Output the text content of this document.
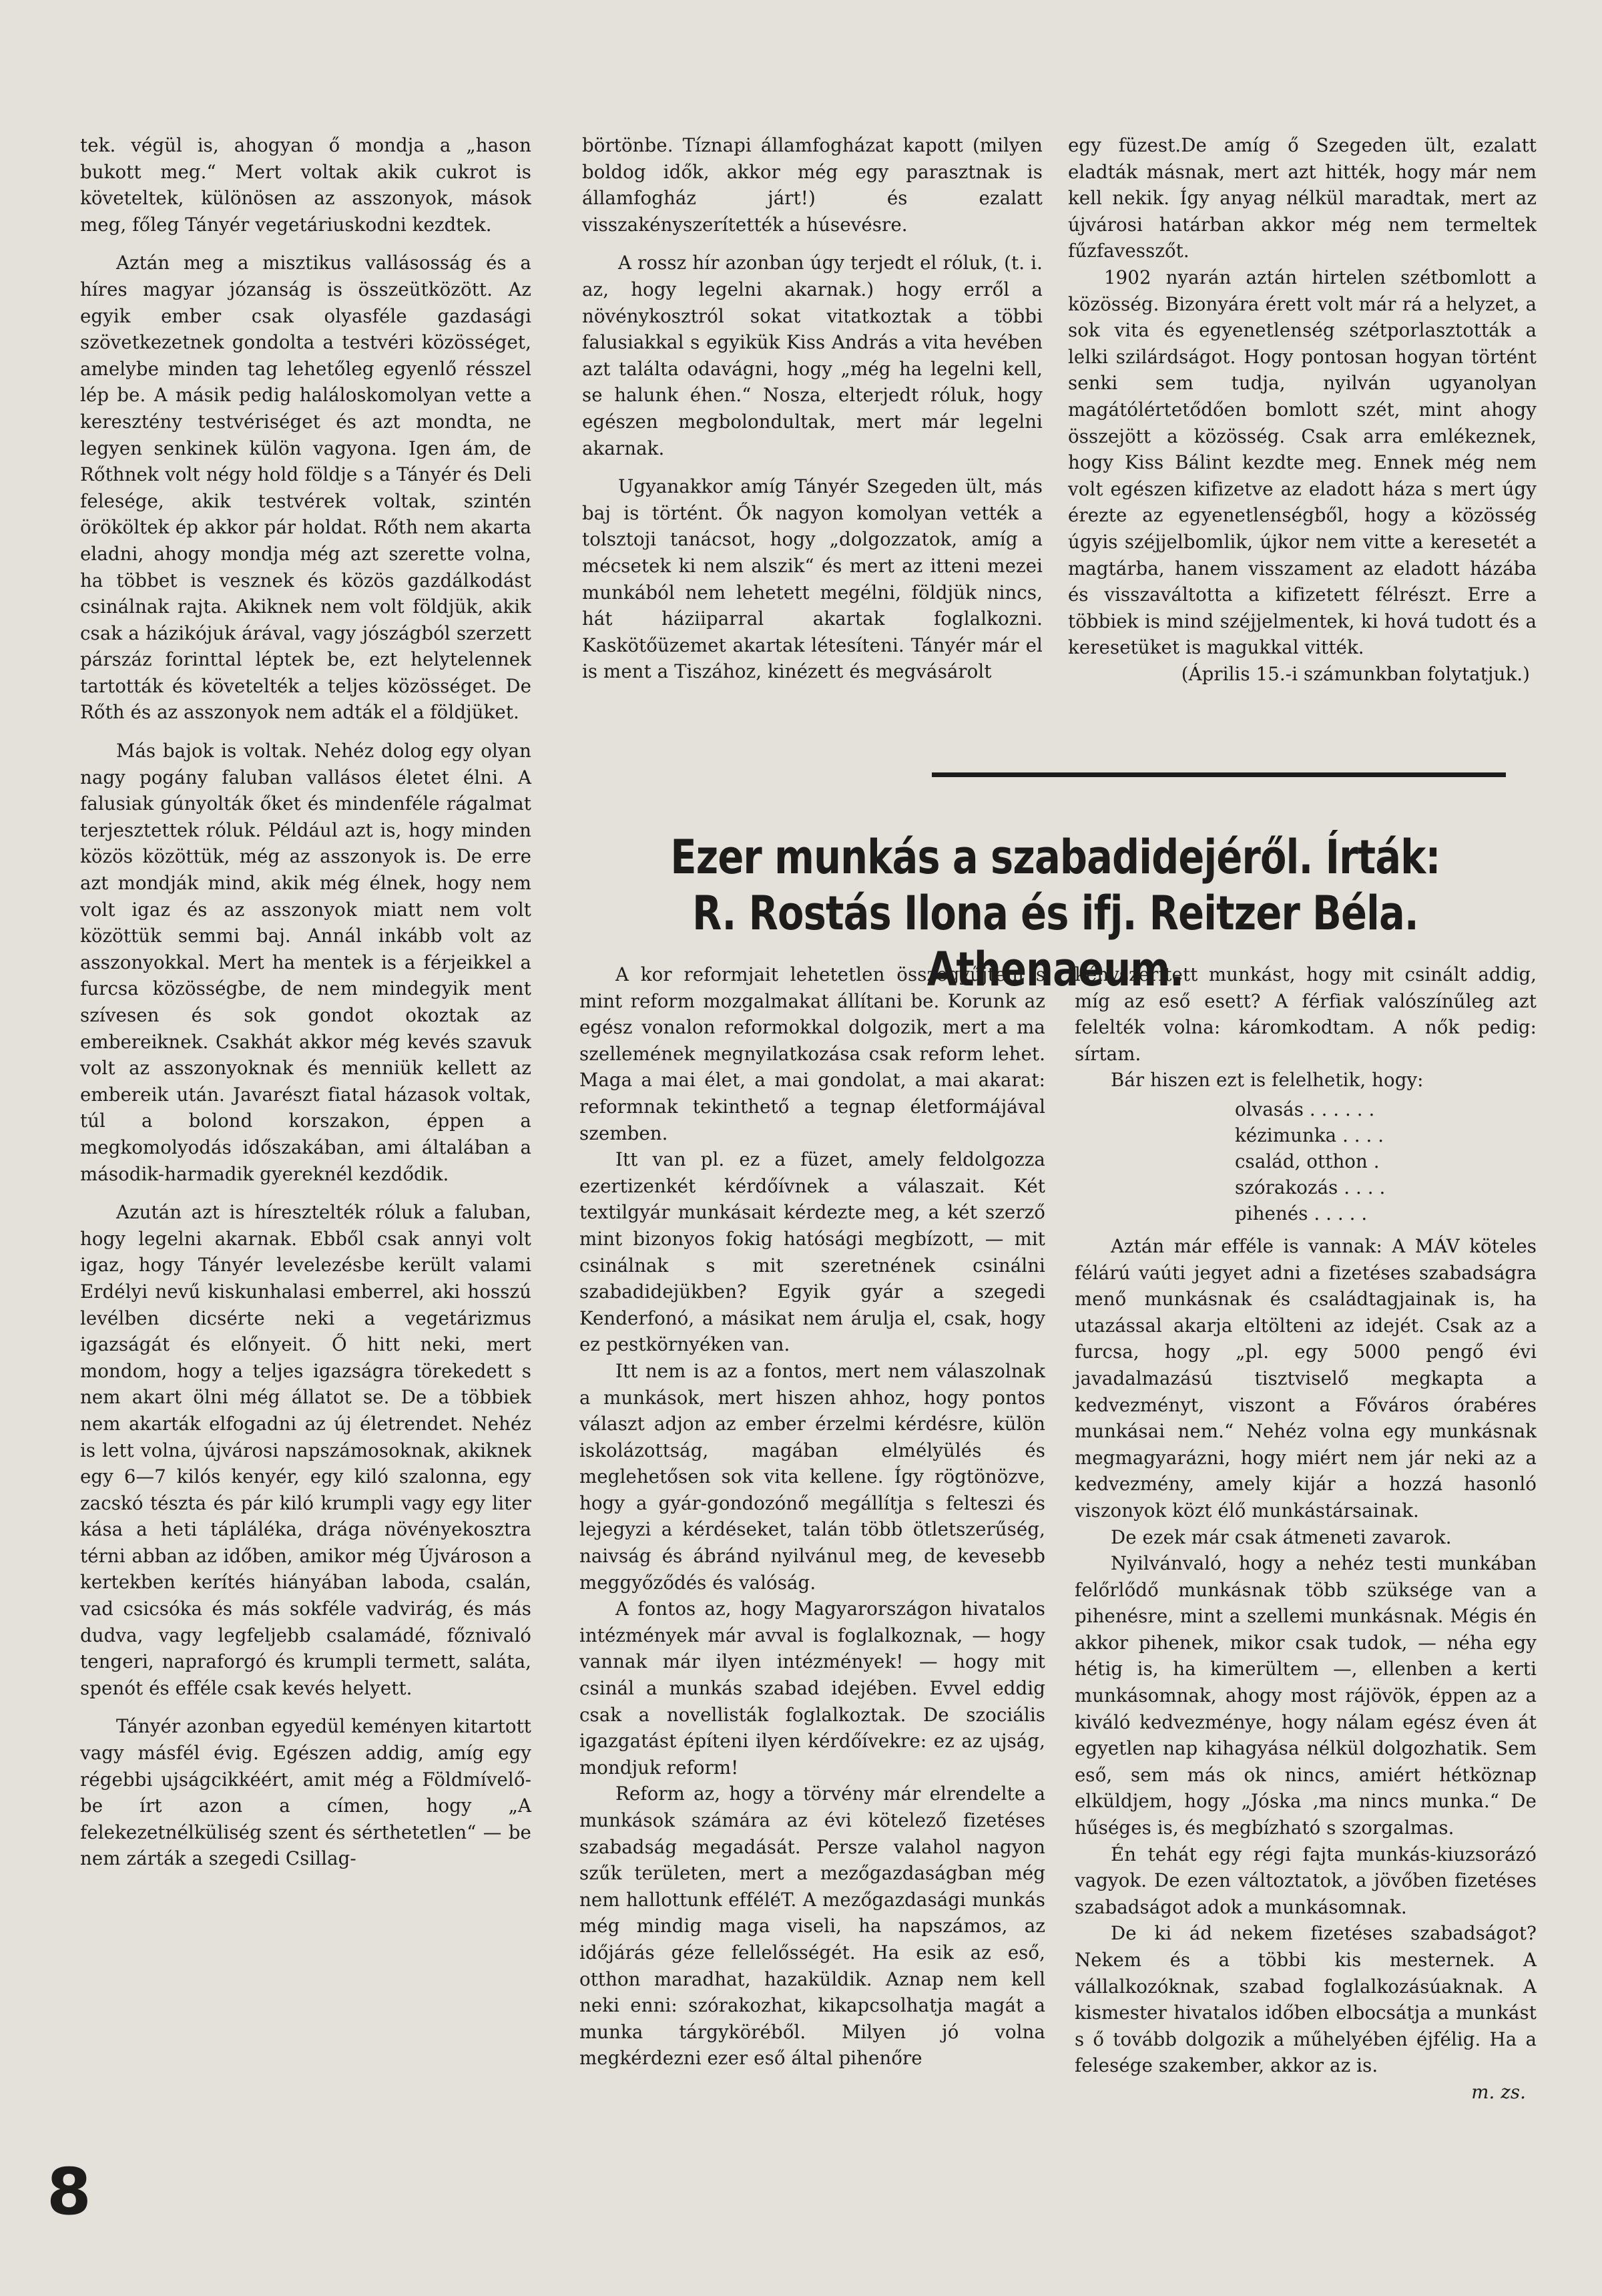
tek. végül is, ahogyan ő mondja a „hason bukott meg.“ Mert voltak akik cukrot is követeltek, különösen az asszonyok, mások meg, főleg Tányér vegetáriuskodni kezdtek.

Aztán meg a misztikus vallásosság és a híres magyar józanság is összeütközött. Az egyik ember csak olyasféle gazdasági szövetkezetnek gondolta a testvéri közösséget, amelybe minden tag lehetőleg egyenlő résszel lép be. A másik pedig haláloskomolyan vette a keresztény testvériséget és azt mondta, ne legyen senkinek külön vagyona. Igen ám, de Rőthnek volt négy hold földje s a Tányér és Deli felesége, akik testvérek voltak, szintén örököltek ép akkor pár holdat. Rőth nem akarta eladni, ahogy mondja még azt szerette volna, ha többet is vesznek és közös gazdálkodást csinálnak rajta. Akiknek nem volt földjük, akik csak a házikójuk árával, vagy jószágból szerzett párszáz forinttal léptek be, ezt helytelennek tartották és követelték a teljes közösséget. De Rőth és az asszonyok nem adták el a földjüket.

Más bajok is voltak. Nehéz dolog egy olyan nagy pogány faluban vallásos életet élni. A falusiak gúnyolták őket és mindenféle rágalmat terjesztettek róluk. Például azt is, hogy minden közös közöttük, még az asszonyok is. De erre azt mondják mind, akik még élnek, hogy nem volt igaz és az asszonyok miatt nem volt közöttük semmi baj. Annál inkább volt az asszonyokkal. Mert ha mentek is a férjeikkel a furcsa közösségbe, de nem mindegyik ment szívesen és sok gondot okoztak az embereiknek. Csakhát akkor még kevés szavuk volt az asszonyoknak és menniük kellett az embereik után. Javarészt fiatal házasok voltak, túl a bolond korszakon, éppen a megkomolyodás időszakában, ami általában a második-harmadik gyereknél kezdődik.

Azután azt is híresztelték róluk a faluban, hogy legelni akarnak. Ebből csak annyi volt igaz, hogy Tányér levelezésbe került valami Erdélyi nevű kiskunhalasi emberrel, aki hosszú levélben dicsérte neki a vegetárizmus igazságát és előnyeit. Ő hitt neki, mert mondom, hogy a teljes igazságra törekedett s nem akart ölni még állatot se. De a többiek nem akarták elfogadni az új életrendet. Nehéz is lett volna, újvárosi napszámosoknak, akiknek egy 6—7 kilós kenyér, egy kiló szalonna, egy zacskó tészta és pár kiló krumpli vagy egy liter kása a heti tápláléka, drága növényekosztra térni abban az időben, amikor még Újvároson a kertekben kerítés hiányában laboda, csalán, vad csicsóka és más sokféle vadvirág, és más dudva, vagy legfeljebb csalamádé, főznivaló tengeri, napraforgó és krumpli termett, saláta, spenót és efféle csak kevés helyett.

Tányér azonban egyedül keményen kitartott vagy másfél évig. Egészen addig, amíg egy régebbi ujságcikkéért, amit még a Földmívelő-be írt azon a címen, hogy „A felekezetnélküliség szent és sérthetetlen“ — be nem zárták a szegedi Csillag-

börtönbe. Tíznapi államfogházat kapott (milyen boldog idők, akkor még egy parasztnak is államfogház járt!) és ezalatt visszakényszerítették a húsevésre.

A rossz hír azonban úgy terjedt el róluk, (t. i. az, hogy legelni akarnak.) hogy erről a növénykosztról sokat vitatkoztak a többi falusiakkal s egyikük Kiss András a vita hevében azt találta odavágni, hogy „még ha legelni kell, se halunk éhen.“ Nosza, elterjedt róluk, hogy egészen megbolondultak, mert már legelni akarnak.

Ugyanakkor amíg Tányér Szegeden ült, más baj is történt. Ők nagyon komolyan vették a tolsztoji tanácsot, hogy „dolgozzatok, amíg a mécsetek ki nem alszik“ és mert az itteni mezei munkából nem lehetett megélni, földjük nincs, hát háziiparral akartak foglalkozni. Kaskötőüzemet akartak létesíteni. Tányér már el is ment a Tiszához, kinézett és megvásárolt

egy füzest.De amíg ő Szegeden ült, ezalatt eladták másnak, mert azt hitték, hogy már nem kell nekik. Így anyag nélkül maradtak, mert az újvárosi határban akkor még nem termeltek fűzfavesszőt.

1902 nyarán aztán hirtelen szétbomlott a közösség. Bizonyára érett volt már rá a helyzet, a sok vita és egyenetlenség szétporlasztották a lelki szilárdságot. Hogy pontosan hogyan történt senki sem tudja, nyilván ugyanolyan magátólértetődően bomlott szét, mint ahogy összejött a közösség. Csak arra emlékeznek, hogy Kiss Bálint kezdte meg. Ennek még nem volt egészen kifizetve az eladott háza s mert úgy érezte az egyenetlenségből, hogy a közösség úgyis széjjelbomlik, újkor nem vitte a keresetét a magtárba, hanem visszament az eladott házába és visszaváltotta a kifizetett félrészt. Erre a többiek is mind széjjelmentek, ki hová tudott és a keresetüket is magukkal vitték.

(Április 15.-i számunkban folytatjuk.)

Ezer munkás a szabadidejéről. Írták: R. Rostás Ilona és ifj. Reitzer Béla. Athenaeum.

A kor reformjait lehetetlen összegyűjteni s mint reform mozgalmakat állítani be. Korunk az egész vonalon reformokkal dolgozik, mert a ma szellemének megnyilatkozása csak reform lehet. Maga a mai élet, a mai gondolat, a mai akarat: reformnak tekinthető a tegnap életformájával szemben.

Itt van pl. ez a füzet, amely feldolgozza ezertizenkét kérdőívnek a válaszait. Két textilgyár munkásait kérdezte meg, a két szerző mint bizonyos fokig hatósági megbízott, — mit csinálnak s mit szeretnének csinálni szabadidejükben? Egyik gyár a szegedi Kenderfonó, a másikat nem árulja el, csak, hogy ez pestkörnyéken van.

Itt nem is az a fontos, mert nem válaszolnak a munkások, mert hiszen ahhoz, hogy pontos választ adjon az ember érzelmi kérdésre, külön iskolázottság, magában elmélyülés és meglehetősen sok vita kellene. Így rögtönözve, hogy a gyár-gondozónő megállítja s felteszi és lejegyzi a kérdéseket, talán több ötletszerűség, naivság és ábránd nyilvánul meg, de kevesebb meggyőződés és valóság.

A fontos az, hogy Magyarországon hivatalos intézmények már avval is foglalkoznak, — hogy vannak már ilyen intézmények! — hogy mit csinál a munkás szabad idejében. Evvel eddig csak a novellisták foglalkoztak. De szociális igazgatást építeni ilyen kérdőívekre: ez az ujság, mondjuk reform!

Reform az, hogy a törvény már elrendelte a munkások számára az évi kötelező fizetéses szabadság megadását. Persze valahol nagyon szűk területen, mert a mezőgazdaságban még nem hallottunk efféléT. A mezőgazdasági munkás még mindig maga viseli, ha napszámos, az időjárás géze fellelősségét. Ha esik az eső, otthon maradhat, hazaküldik. Aznap nem kell neki enni: szórakozhat, kikapcsolhatja magát a munka tárgyköréből. Milyen jó volna megkérdezni ezer eső által pihenőre

kényszerített munkást, hogy mit csinált addig, míg az eső esett? A férfiak valószínűleg azt felelték volna: káromkodtam. A nők pedig: sírtam.

Bár hiszen ezt is felelhetik, hogy:

olvasás . . . . . .
kézimunka . . . .
család, otthon .
szórakozás . . . .
pihenés . . . . .

Aztán már efféle is vannak: A MÁV köteles félárú vaúti jegyet adni a fizetéses szabadságra menő munkásnak és családtagjainak is, ha utazással akarja eltölteni az idejét. Csak az a furcsa, hogy „pl. egy 5000 pengő évi javadalmazású tisztviselő megkapta a kedvezményt, viszont a Főváros órabéres munkásai nem.“ Nehéz volna egy munkásnak megmagyarázni, hogy miért nem jár neki az a kedvezmény, amely kijár a hozzá hasonló viszonyok közt élő munkástársainak.

De ezek már csak átmeneti zavarok.

Nyilvánvaló, hogy a nehéz testi munkában felőrlődő munkásnak több szüksége van a pihenésre, mint a szellemi munkásnak. Mégis én akkor pihenek, mikor csak tudok, — néha egy hétig is, ha kimerültem —, ellenben a kerti munkásomnak, ahogy most rájövök, éppen az a kiváló kedvezménye, hogy nálam egész éven át egyetlen nap kihagyása nélkül dolgozhatik. Sem eső, sem más ok nincs, amiért hétköznap elküldjem, hogy „Jóska ,ma nincs munka.“ De hűséges is, és megbízható s szorgalmas.

Én tehát egy régi fajta munkás-kiuzsorázó vagyok. De ezen változtatok, a jövőben fizetéses szabadságot adok a munkásomnak.

De ki ád nekem fizetéses szabadságot? Nekem és a többi kis mesternek. A vállalkozóknak, szabad foglalkozásúaknak. A kismester hivatalos időben elbocsátja a munkást s ő tovább dolgozik a műhelyében éjfélig. Ha a felesége szakember, akkor az is.

m. zs.

8
